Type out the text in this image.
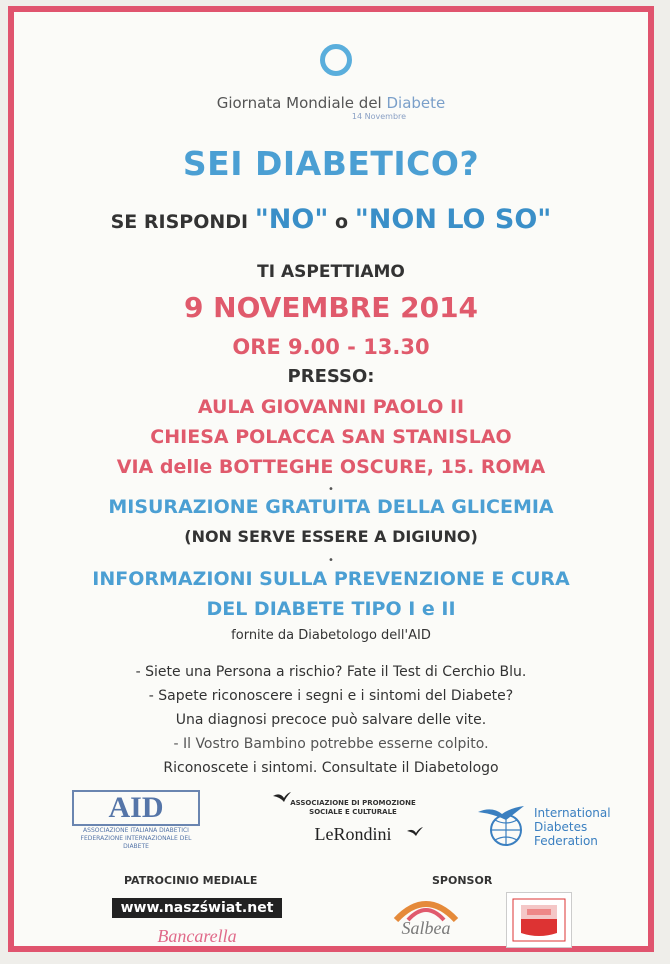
Giornata Mondiale del Diabete
14 Novembre
SEI DIABETICO?
SE RISPONDI "NO" o "NON LO SO"
TI ASPETTIAMO
9 NOVEMBRE 2014
ORE 9.00 - 13.30
PRESSO:
AULA GIOVANNI PAOLO II
CHIESA POLACCA SAN STANISLAO
VIA delle BOTTEGHE OSCURE, 15. ROMA
•
MISURAZIONE GRATUITA DELLA GLICEMIA
(NON SERVE ESSERE A DIGIUNO)
•
INFORMAZIONI SULLA PREVENZIONE E CURA
DEL DIABETE TIPO I e II
fornite da Diabetologo dell'AID
- Siete una Persona a rischio? Fate il Test di Cerchio Blu.
- Sapete riconoscere i segni e i sintomi del Diabete?
Una diagnosi precoce può salvare delle vite.
- Il Vostro Bambino potrebbe esserne colpito.
Riconoscete i sintomi. Consultate il Diabetologo
AID
ASSOCIAZIONE ITALIANA DIABETICI
FEDERAZIONE INTERNAZIONALE DEL DIABETE
ASSOCIAZIONE DI PROMOZIONE
SOCIALE E CULTURALE
LeRondini
International
Diabetes
Federation
PATROCINIO MEDIALE	SPONSOR
www.naszświat.net
Bancarella	Salbea
